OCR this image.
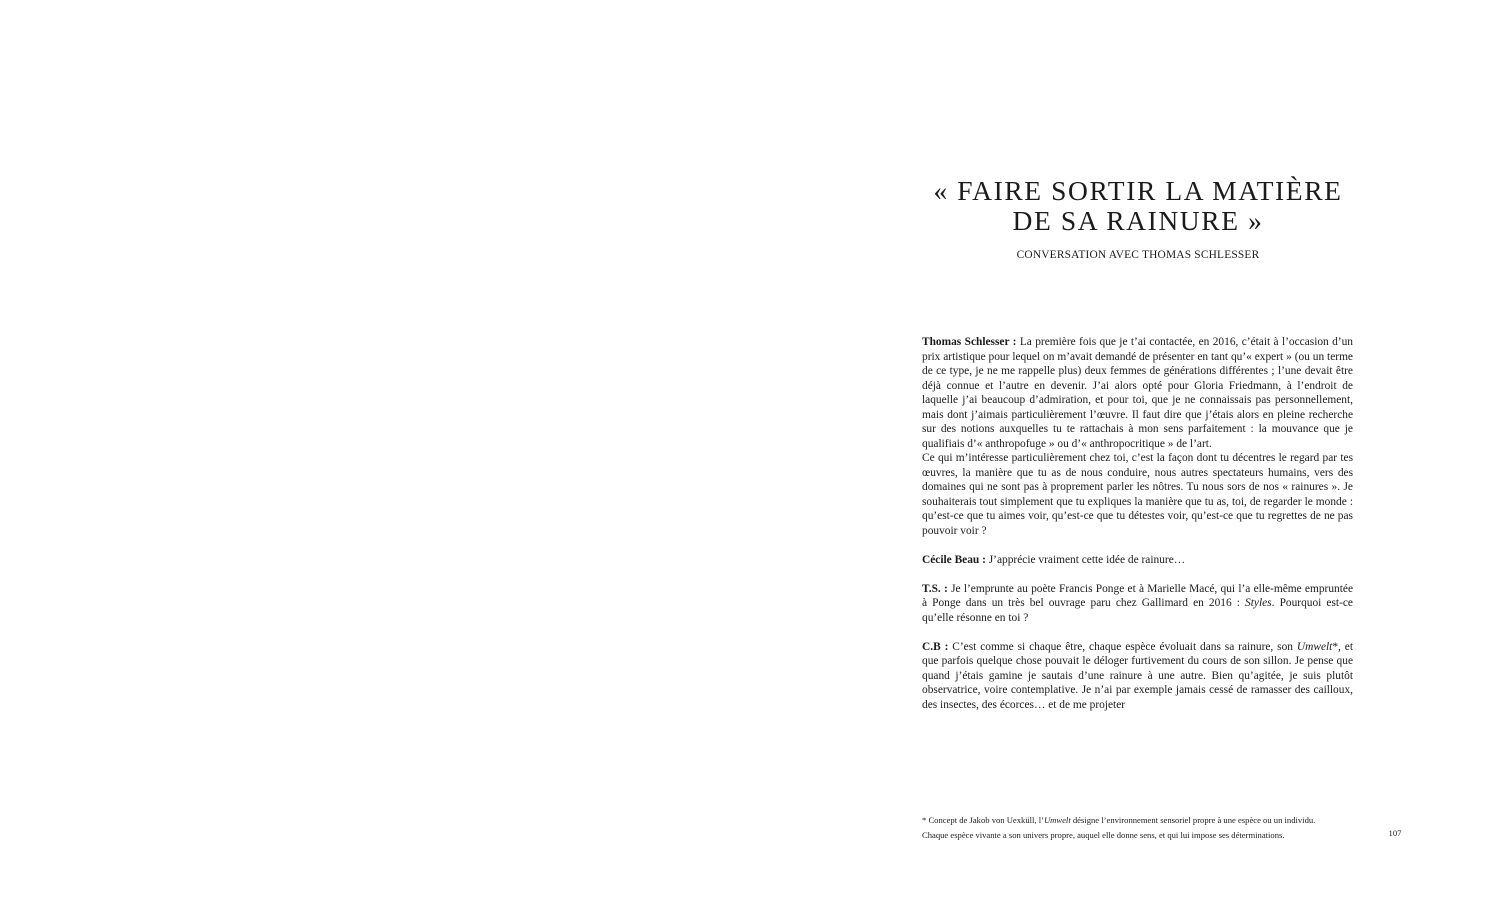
« FAIRE SORTIR LA MATIÈRE
DE SA RAINURE »

CONVERSATION AVEC THOMAS SCHLESSER

Thomas Schlesser : La première fois que je t’ai contactée, en 2016, c’était à l’occasion d’un prix artistique pour lequel on m’avait demandé de présenter en tant qu’« expert » (ou un terme de ce type, je ne me rappelle plus) deux femmes de générations différentes ; l’une devait être déjà connue et l’autre en devenir. J’ai alors opté pour Gloria Friedmann, à l’endroit de laquelle j’ai beaucoup d’admiration, et pour toi, que je ne connaissais pas personnellement, mais dont j’aimais particulièrement l’œuvre. Il faut dire que j’étais alors en pleine recherche sur des notions auxquelles tu te rattachais à mon sens parfaitement : la mouvance que je qualifiais d’« anthropofuge » ou d’« anthropocritique » de l’art.

Ce qui m’intéresse particulièrement chez toi, c’est la façon dont tu décentres le regard par tes œuvres, la manière que tu as de nous conduire, nous autres spectateurs humains, vers des domaines qui ne sont pas à proprement parler les nôtres. Tu nous sors de nos « rainures ». Je souhaiterais tout simplement que tu expliques la manière que tu as, toi, de regarder le monde : qu’est-ce que tu aimes voir, qu’est-ce que tu détestes voir, qu’est-ce que tu regrettes de ne pas pouvoir voir ?

Cécile Beau : J’apprécie vraiment cette idée de rainure…

T.S. : Je l’emprunte au poète Francis Ponge et à Marielle Macé, qui l’a elle-même empruntée à Ponge dans un très bel ouvrage paru chez Gallimard en 2016 : Styles. Pourquoi est-ce qu’elle résonne en toi ?

C.B : C’est comme si chaque être, chaque espèce évoluait dans sa rainure, son Umwelt*, et que parfois quelque chose pouvait le déloger furtivement du cours de son sillon. Je pense que quand j’étais gamine je sautais d’une rainure à une autre. Bien qu’agitée, je suis plutôt observatrice, voire contemplative. Je n’ai par exemple jamais cessé de ramasser des cailloux, des insectes, des écorces… et de me projeter

* Concept de Jakob von Uexküll, l’Umwelt désigne l’environnement sensoriel propre à une espèce ou un individu.

Chaque espèce vivante a son univers propre, auquel elle donne sens, et qui lui impose ses déterminations.	107
